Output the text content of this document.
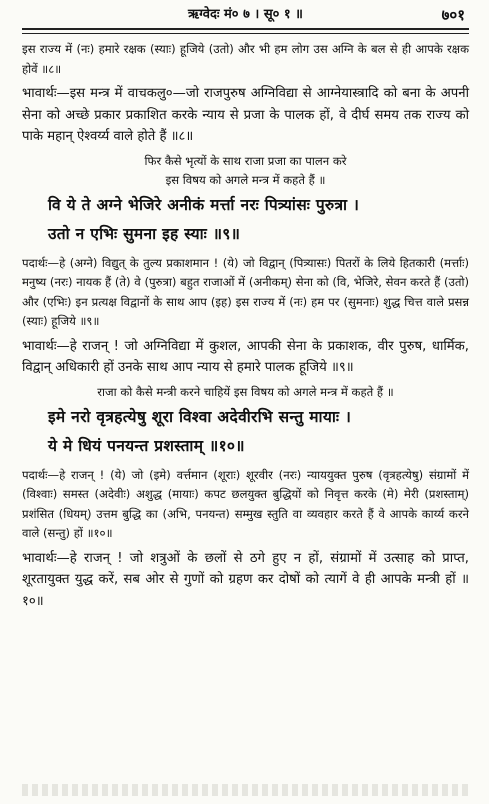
ऋग्वेदः मं० ७ । सू० १ ॥	७०१

इस राज्य में (नः) हमारे रक्षक (स्याः) हूजिये (उतो) और भी हम लोग उस अग्नि के बल से ही आपके रक्षक होवें ॥८॥

भावार्थः—इस मन्त्र में वाचकलु०—जो राजपुरुष अग्निविद्या से आग्नेयास्त्रादि को बना के अपनी सेना को अच्छे प्रकार प्रकाशित करके न्याय से प्रजा के पालक हों, वे दीर्घ समय तक राज्य को पाके महान् ऐश्वर्य्य वाले होते हैं ॥८॥

फिर कैसे भृत्यों के साथ राजा प्रजा का पालन करे

इस विषय को अगले मन्त्र में कहते हैं ॥

वि ये ते अग्ने भेजिरे अनीकं मर्त्ता नरः पित्र्यांसः पुरुत्रा ।

उतो न एभिः सुमना इह स्याः ॥९॥

पदार्थः—हे (अग्ने) विद्युत् के तुल्य प्रकाशमान ! (ये) जो विद्वान् (पित्र्यासः) पितरों के लिये हितकारी (मर्त्ताः) मनुष्य (नरः) नायक हैं (ते) वे (पुरुत्रा) बहुत राजाओं में (अनीकम्) सेना को (वि, भेजिरे, सेवन करते हैं (उतो) और (एभिः) इन प्रत्यक्ष विद्वानों के साथ आप (इह) इस राज्य में (नः) हम पर (सुमनाः) शुद्ध चित्त वाले प्रसन्न (स्याः) हूजिये ॥९॥

भावार्थः—हे राजन् ! जो अग्निविद्या में कुशल, आपकी सेना के प्रकाशक, वीर पुरुष, धार्मिक, विद्वान् अधिकारी हों उनके साथ आप न्याय से हमारे पालक हूजिये ॥९॥

राजा को कैसे मन्त्री करने चाहियें इस विषय को अगले मन्त्र में कहते हैं ॥

इमे नरो वृत्रहत्येषु शूरा विश्वा अदेवीरभि सन्तु मायाः ।

ये मे धियं पनयन्त प्रशस्ताम् ॥१०॥

पदार्थः—हे राजन् ! (ये) जो (इमे) वर्त्तमान (शूराः) शूरवीर (नरः) न्याययुक्त पुरुष (वृत्रहत्येषु) संग्रामों में (विश्वाः) समस्त (अदेवीः) अशुद्ध (मायाः) कपट छलयुक्त बुद्धियों को निवृत्त करके (मे) मेरी (प्रशस्ताम्) प्रशंसित (धियम्) उत्तम बुद्धि का (अभि, पनयन्त) सम्मुख स्तुति वा व्यवहार करते हैं वे आपके कार्य्य करने वाले (सन्तु) हों ॥१०॥

भावार्थः—हे राजन् ! जो शत्रुओं के छलों से ठगे हुए न हों, संग्रामों में उत्साह को प्राप्त, शूरतायुक्त युद्ध करें, सब ओर से गुणों को ग्रहण कर दोषों को त्यागें वे ही आपके मन्त्री हों ॥१०॥
